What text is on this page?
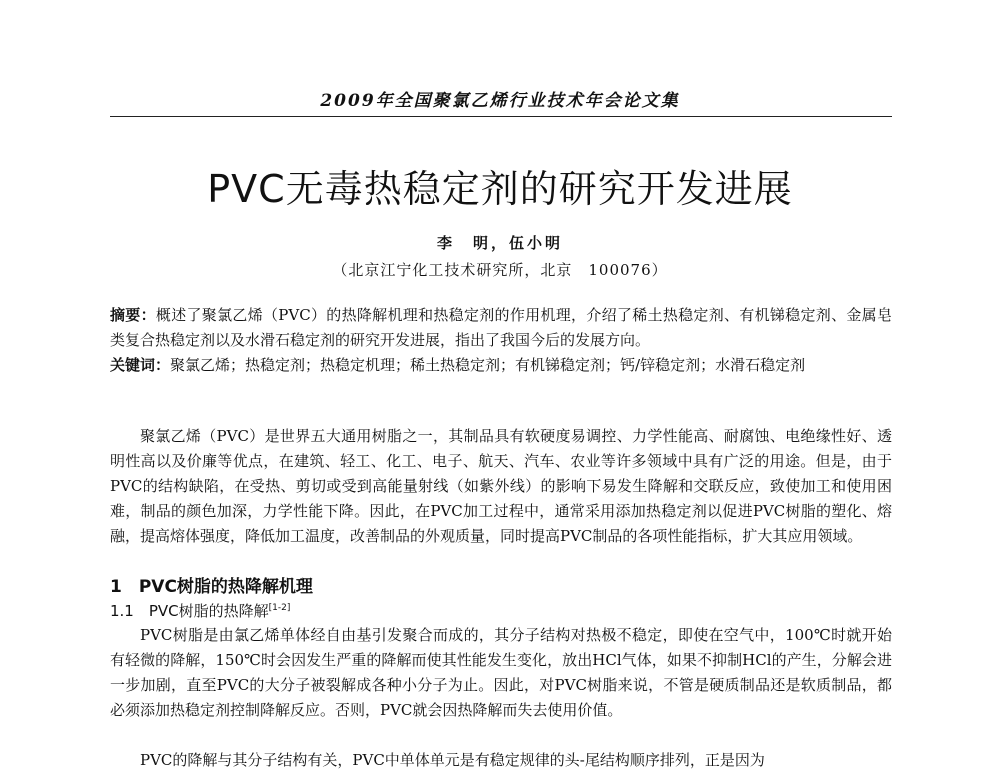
2009年全国聚氯乙烯行业技术年会论文集
PVC无毒热稳定剂的研究开发进展
李　明，伍小明
（北京江宁化工技术研究所，北京　100076）
摘要：概述了聚氯乙烯（PVC）的热降解机理和热稳定剂的作用机理，介绍了稀土热稳定剂、有机锑稳定剂、金属皂类复合热稳定剂以及水滑石稳定剂的研究开发进展，指出了我国今后的发展方向。
关键词：聚氯乙烯；热稳定剂；热稳定机理；稀土热稳定剂；有机锑稳定剂；钙/锌稳定剂；水滑石稳定剂
聚氯乙烯（PVC）是世界五大通用树脂之一，其制品具有软硬度易调控、力学性能高、耐腐蚀、电绝缘性好、透明性高以及价廉等优点，在建筑、轻工、化工、电子、航天、汽车、农业等许多领域中具有广泛的用途。但是，由于PVC的结构缺陷，在受热、剪切或受到高能量射线（如紫外线）的影响下易发生降解和交联反应，致使加工和使用困难，制品的颜色加深，力学性能下降。因此，在PVC加工过程中，通常采用添加热稳定剂以促进PVC树脂的塑化、熔融，提高熔体强度，降低加工温度，改善制品的外观质量，同时提高PVC制品的各项性能指标，扩大其应用领域。
1　PVC树脂的热降解机理
1.1　PVC树脂的热降解[1-2]
PVC树脂是由氯乙烯单体经自由基引发聚合而成的，其分子结构对热极不稳定，即使在空气中，100℃时就开始有轻微的降解，150℃时会因发生严重的降解而使其性能发生变化，放出HCl气体，如果不抑制HCl的产生，分解会进一步加剧，直至PVC的大分子被裂解成各种小分子为止。因此，对PVC树脂来说，不管是硬质制品还是软质制品，都必须添加热稳定剂控制降解反应。否则，PVC就会因热降解而失去使用价值。
PVC的降解与其分子结构有关，PVC中单体单元是有稳定规律的头-尾结构顺序排列，正是因为
